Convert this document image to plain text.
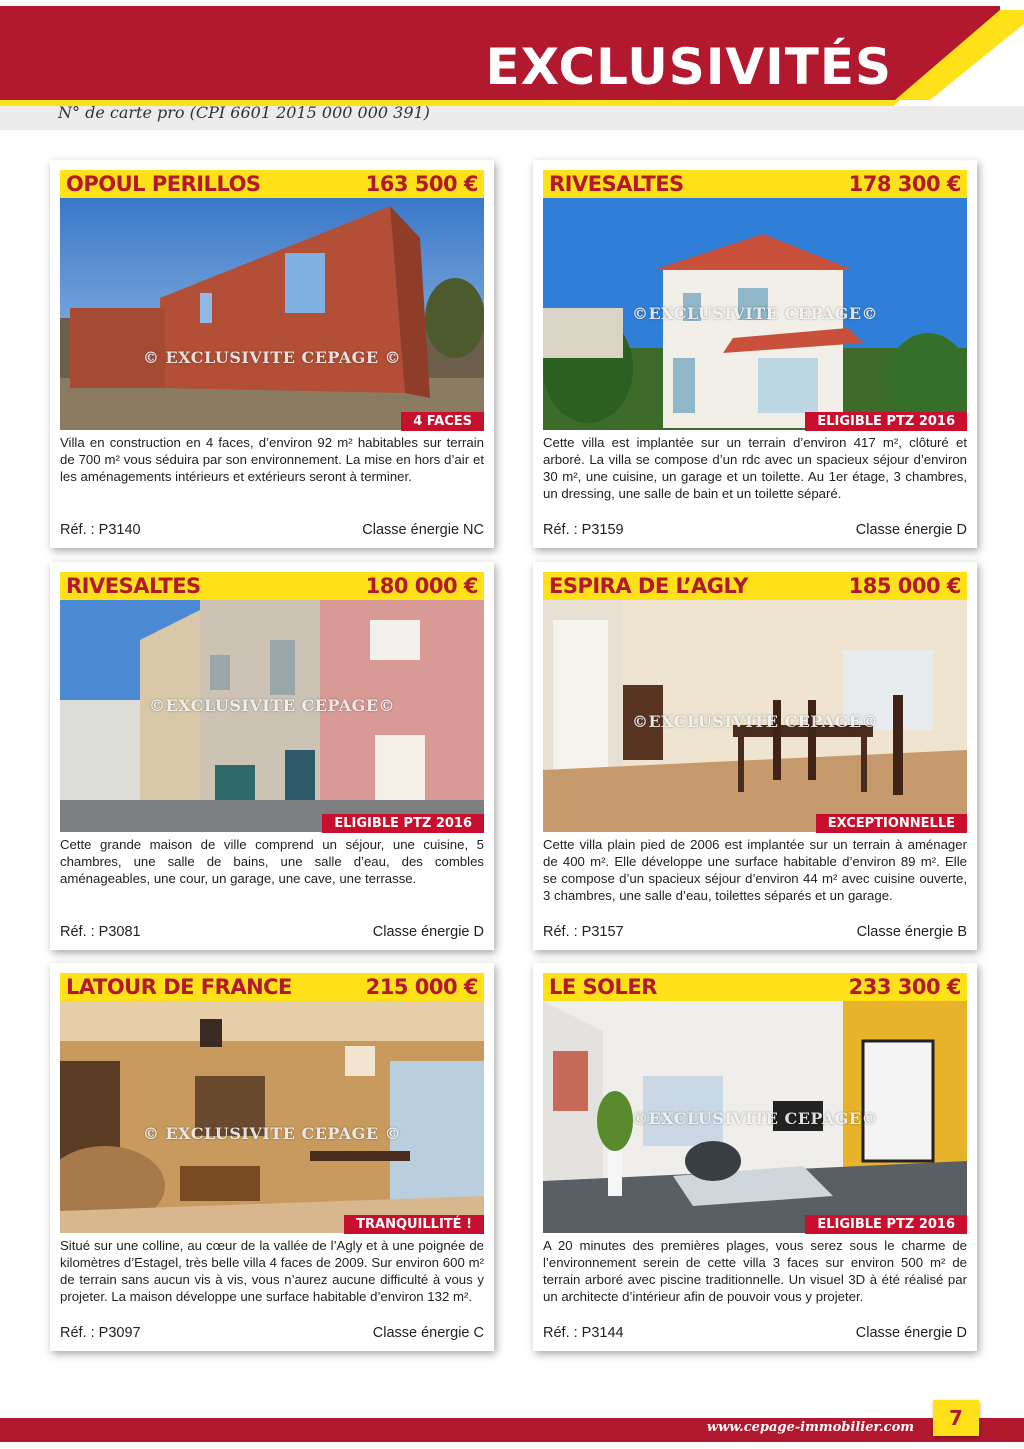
EXCLUSIVITÉS
N° de carte pro (CPI 6601 2015 000 000 391)
OPOUL PERILLOS	163 500 €
© EXCLUSIVITE CEPAGE ©
4 FACES
Villa en construction en 4 faces, d’environ 92 m² habitables sur terrain de 700 m² vous séduira par son environnement. La mise en hors d’air et les aménagements intérieurs et extérieurs seront à terminer.
Réf. : P3140	Classe énergie NC
RIVESALTES	178 300 €
©EXCLUSIVITE CEPAGE©
ELIGIBLE PTZ 2016
Cette villa est implantée sur un terrain d’environ 417 m², clôturé et arboré. La villa se compose d’un rdc avec un spacieux séjour d’environ 30 m², une cuisine, un garage et un toilette. Au 1er étage, 3 chambres, un dressing, une salle de bain et un toilette séparé.
Réf. : P3159	Classe énergie D
RIVESALTES	180 000 €
©EXCLUSIVITE CEPAGE©
ELIGIBLE PTZ 2016
Cette grande maison de ville comprend un séjour, une cuisine, 5 chambres, une salle de bains, une salle d’eau, des combles aménageables, une cour, un garage, une cave, une terrasse.
Réf. : P3081	Classe énergie D
ESPIRA DE L’AGLY	185 000 €
©EXCLUSIVITE CEPAGE©
EXCEPTIONNELLE
Cette villa plain pied de 2006 est implantée sur un terrain à aménager de 400 m². Elle développe une surface habitable d’environ 89 m². Elle se compose d’un spacieux séjour d’environ 44 m² avec cuisine ouverte, 3 chambres, une salle d’eau, toilettes séparés et un garage.
Réf. : P3157	Classe énergie B
LATOUR DE FRANCE	215 000 €
© EXCLUSIVITE CEPAGE ©
TRANQUILLITÉ !
Situé sur une colline, au cœur de la vallée de l’Agly et à une poignée de kilomètres d’Estagel, très belle villa 4 faces de 2009. Sur environ 600 m² de terrain sans aucun vis à vis, vous n’aurez aucune difficulté à vous y projeter. La maison développe une surface habitable d’environ 132 m².
Réf. : P3097	Classe énergie C
LE SOLER	233 300 €
©EXCLUSIVITE CEPAGE©
ELIGIBLE PTZ 2016
A 20 minutes des premières plages, vous serez sous le charme de l’environnement serein de cette villa 3 faces sur environ 500 m² de terrain arboré avec piscine traditionnelle. Un visuel 3D à été réalisé par un architecte d’intérieur afin de pouvoir vous y projeter.
Réf. : P3144	Classe énergie D
www.cepage-immobilier.com	7
